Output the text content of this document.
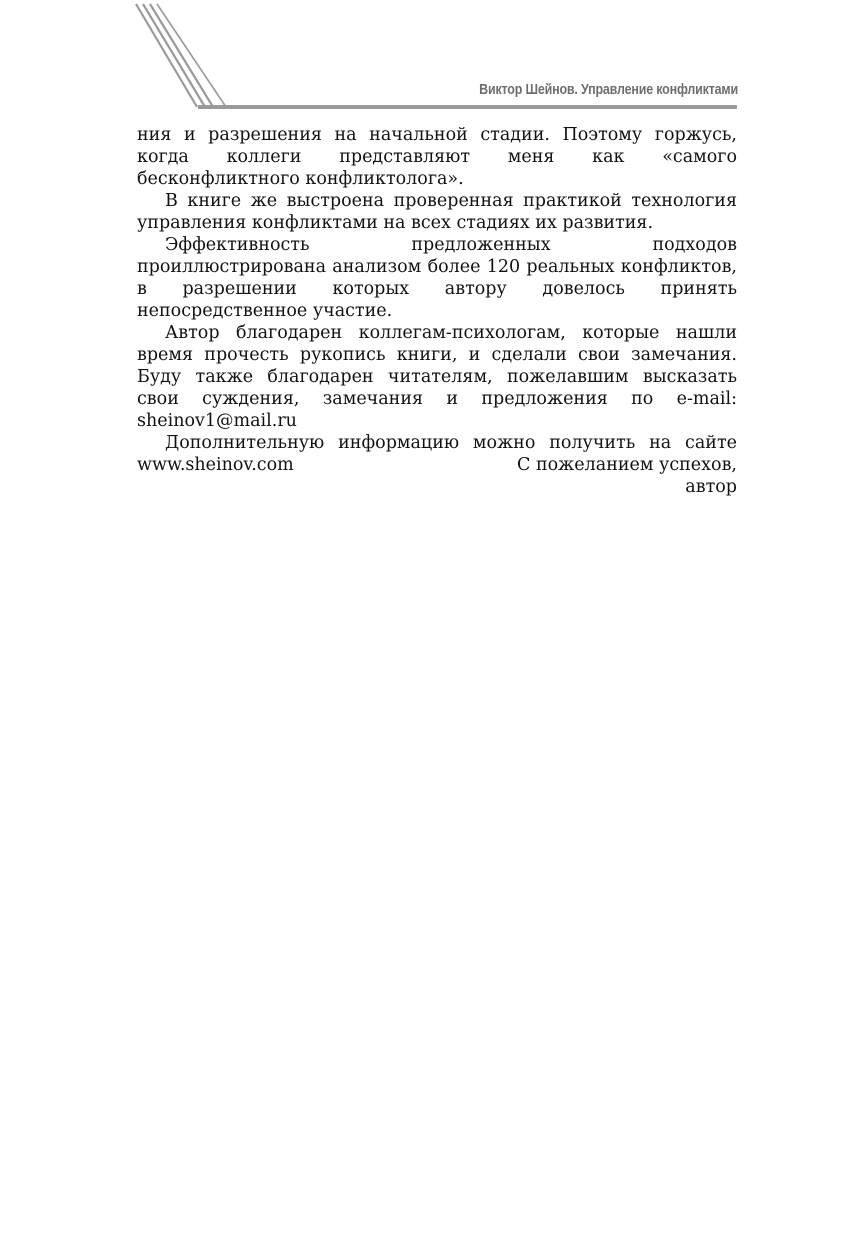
Виктор Шейнов. Управление конфликтами

ния и разрешения на начальной стадии. Поэтому горжусь, когда коллеги представляют меня как «самого бесконфликтного конфликтолога».

В книге же выстроена проверенная практикой технология управления конфликтами на всех стадиях их развития.

Эффективность предложенных подходов проиллюстрирована анализом более 120 реальных конфликтов, в разрешении которых автору довелось принять непосредственное участие.

Автор благодарен коллегам-психологам, которые нашли время прочесть рукопись книги, и сделали свои замечания. Буду также благодарен читателям, пожелавшим высказать свои суждения, замечания и предложения по e-mail: sheinov1@mail.ru

Дополнительную информацию можно получить на сайте www.sheinov.com	С пожеланием успехов,
автор
